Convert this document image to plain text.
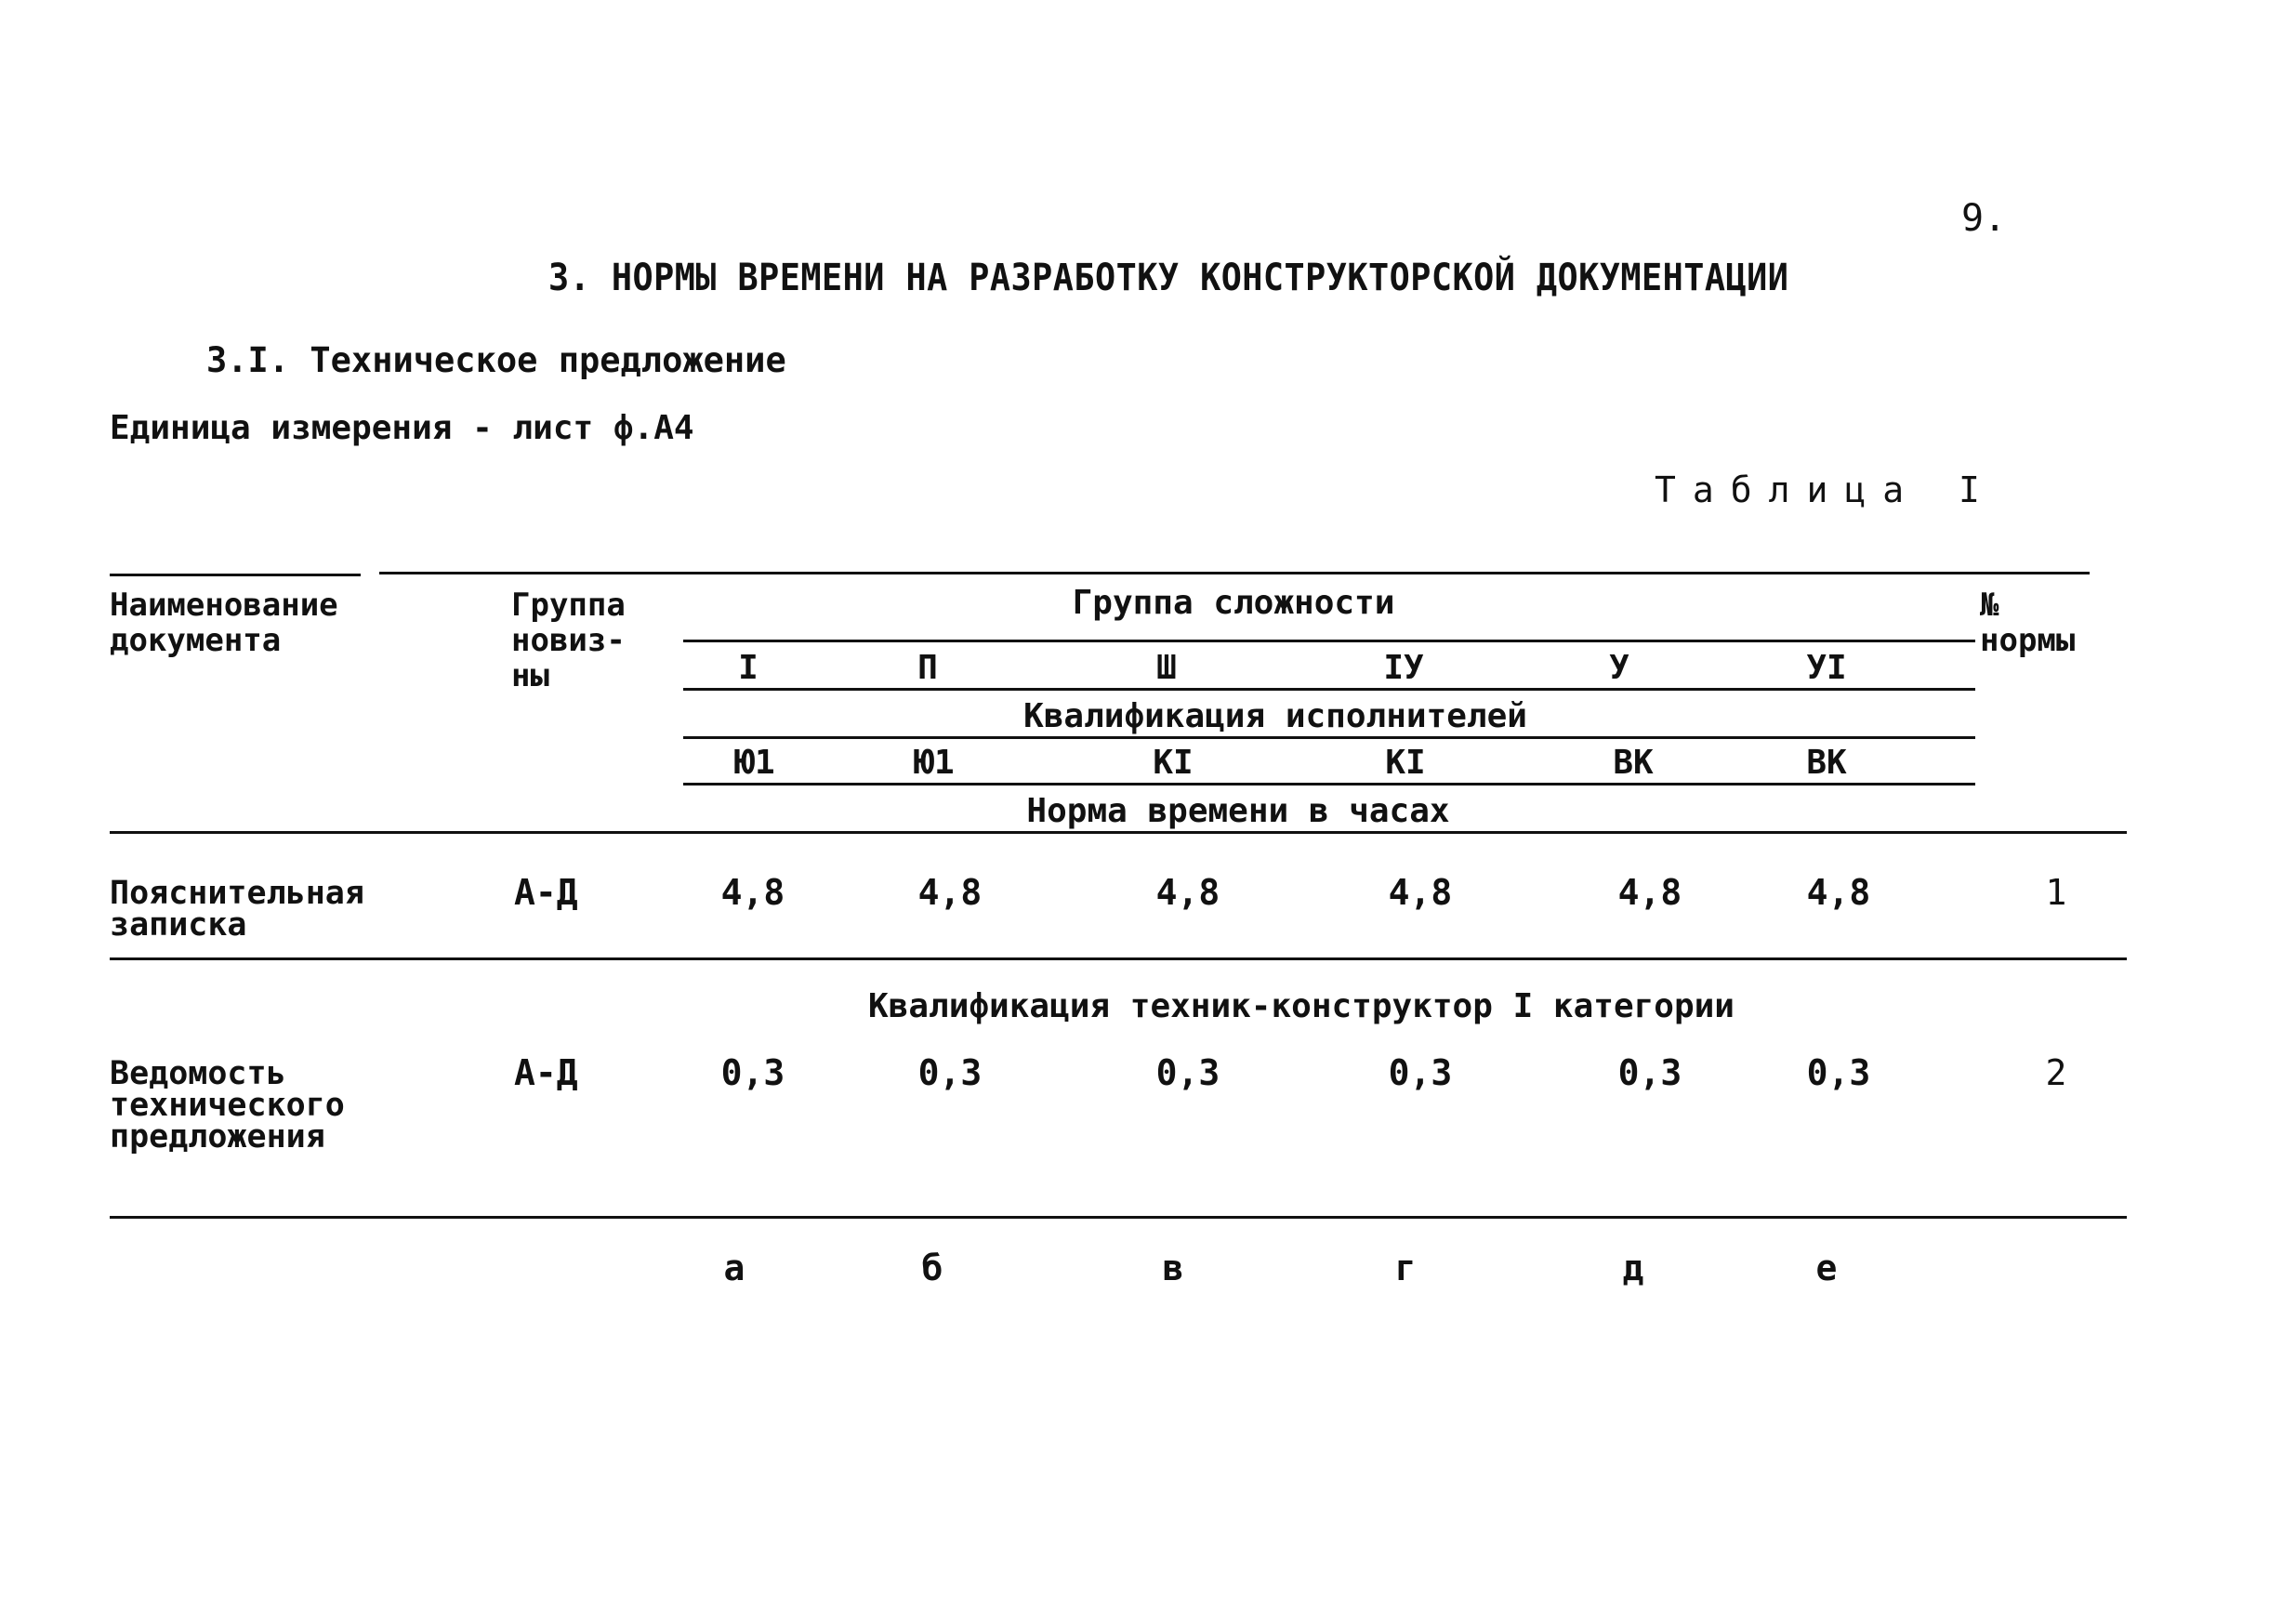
9.
3. НОРМЫ ВРЕМЕНИ НА РАЗРАБОТКУ КОНСТРУКТОРСКОЙ ДОКУМЕНТАЦИИ
3.I. Техническое предложение
Единица измерения - лист ф.А4
Таблица I
Наименование
документа
Группа
новиз-
ны
№
нормы
Группа сложности
Квалификация исполнителей
Норма времени в часах
I	П	Ш	IУ	У	УI
Ю1	Ю1	KI	KI	ВК	ВК
Пояснительная
записка
А-Д	4,8	4,8	4,8	4,8	4,8	4,8	1
Квалификация техник-конструктор I категории
Ведомость
технического
предложения
А-Д	0,3	0,3	0,3	0,3	0,3	0,3	2
а	б	в	г	д	е
